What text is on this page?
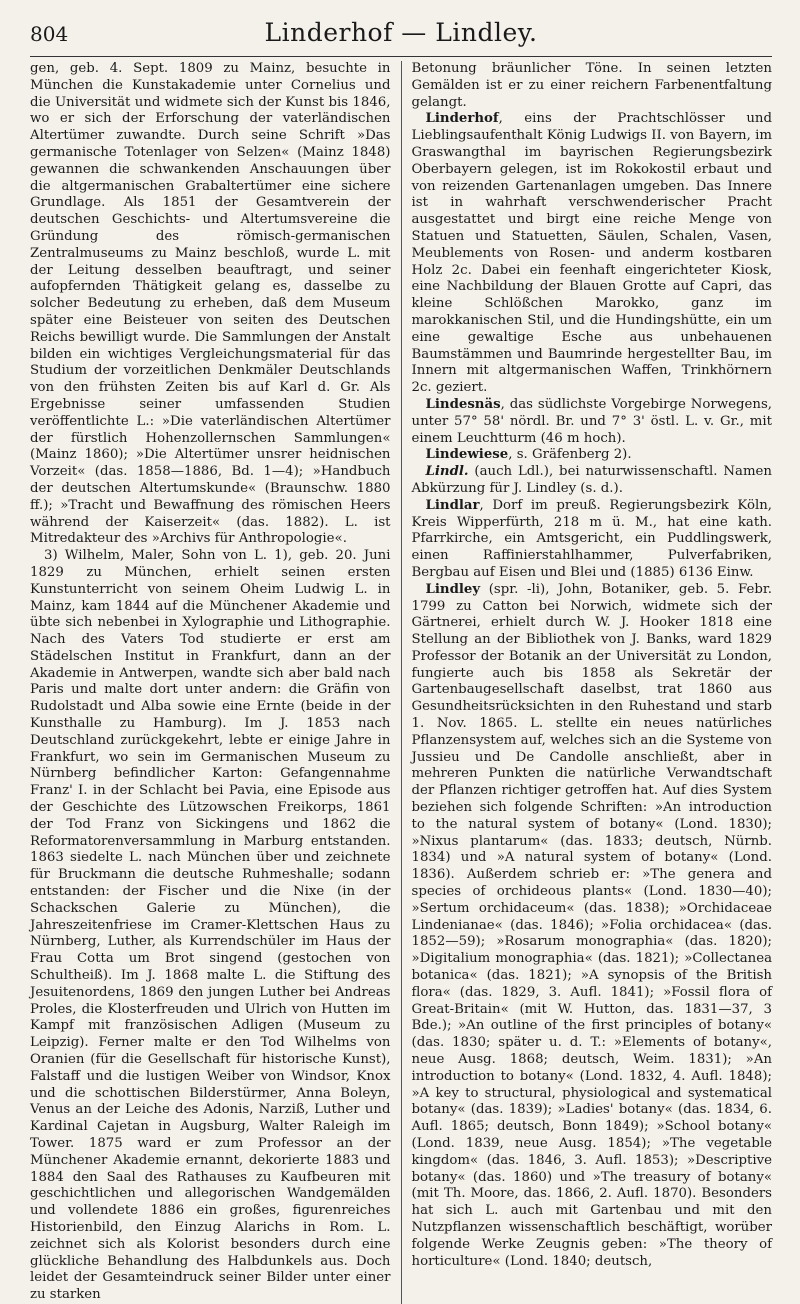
804	Linderhof — Lindley.

gen, geb. 4. Sept. 1809 zu Mainz, besuchte in München die Kunstakademie unter Cornelius und die Universität und widmete sich der Kunst bis 1846, wo er sich der Erforschung der vaterländischen Altertümer zuwandte. Durch seine Schrift »Das germanische Totenlager von Selzen« (Mainz 1848) gewannen die schwankenden Anschauungen über die altgermanischen Grabaltertümer eine sichere Grundlage. Als 1851 der Gesamtverein der deutschen Geschichts- und Altertumsvereine die Gründung des römisch-germanischen Zentralmuseums zu Mainz beschloß, wurde L. mit der Leitung desselben beauftragt, und seiner aufopfernden Thätigkeit gelang es, dasselbe zu solcher Bedeutung zu erheben, daß dem Museum später eine Beisteuer von seiten des Deutschen Reichs bewilligt wurde. Die Sammlungen der Anstalt bilden ein wichtiges Vergleichungsmaterial für das Studium der vorzeitlichen Denkmäler Deutschlands von den frühsten Zeiten bis auf Karl d. Gr. Als Ergebnisse seiner umfassenden Studien veröffentlichte L.: »Die vaterländischen Altertümer der fürstlich Hohenzollernschen Sammlungen« (Mainz 1860); »Die Altertümer unsrer heidnischen Vorzeit« (das. 1858—1886, Bd. 1—4); »Handbuch der deutschen Altertumskunde« (Braunschw. 1880 ff.); »Tracht und Bewaffnung des römischen Heers während der Kaiserzeit« (das. 1882). L. ist Mitredakteur des »Archivs für Anthropologie«.

3) Wilhelm, Maler, Sohn von L. 1), geb. 20. Juni 1829 zu München, erhielt seinen ersten Kunstunterricht von seinem Oheim Ludwig L. in Mainz, kam 1844 auf die Münchener Akademie und übte sich nebenbei in Xylographie und Lithographie. Nach des Vaters Tod studierte er erst am Städelschen Institut in Frankfurt, dann an der Akademie in Antwerpen, wandte sich aber bald nach Paris und malte dort unter andern: die Gräfin von Rudolstadt und Alba sowie eine Ernte (beide in der Kunsthalle zu Hamburg). Im J. 1853 nach Deutschland zurückgekehrt, lebte er einige Jahre in Frankfurt, wo sein im Germanischen Museum zu Nürnberg befindlicher Karton: Gefangennahme Franz' I. in der Schlacht bei Pavia, eine Episode aus der Geschichte des Lützowschen Freikorps, 1861 der Tod Franz von Sickingens und 1862 die Reformatorenversammlung in Marburg entstanden. 1863 siedelte L. nach München über und zeichnete für Bruckmann die deutsche Ruhmeshalle; sodann entstanden: der Fischer und die Nixe (in der Schackschen Galerie zu München), die Jahreszeitenfriese im Cramer-Klettschen Haus zu Nürnberg, Luther, als Kurrendschüler im Haus der Frau Cotta um Brot singend (gestochen von Schultheiß). Im J. 1868 malte L. die Stiftung des Jesuitenordens, 1869 den jungen Luther bei Andreas Proles, die Klosterfreuden und Ulrich von Hutten im Kampf mit französischen Adligen (Museum zu Leipzig). Ferner malte er den Tod Wilhelms von Oranien (für die Gesellschaft für historische Kunst), Falstaff und die lustigen Weiber von Windsor, Knox und die schottischen Bilderstürmer, Anna Boleyn, Venus an der Leiche des Adonis, Narziß, Luther und Kardinal Cajetan in Augsburg, Walter Raleigh im Tower. 1875 ward er zum Professor an der Münchener Akademie ernannt, dekorierte 1883 und 1884 den Saal des Rathauses zu Kaufbeuren mit geschichtlichen und allegorischen Wandgemälden und vollendete 1886 ein großes, figurenreiches Historienbild, den Einzug Alarichs in Rom. L. zeichnet sich als Kolorist besonders durch eine glückliche Behandlung des Halbdunkels aus. Doch leidet der Gesamteindruck seiner Bilder unter einer zu starken

Betonung bräunlicher Töne. In seinen letzten Gemälden ist er zu einer reichern Farbenentfaltung gelangt.

Linderhof, eins der Prachtschlösser und Lieblingsaufenthalt König Ludwigs II. von Bayern, im Graswangthal im bayrischen Regierungsbezirk Oberbayern gelegen, ist im Rokokostil erbaut und von reizenden Gartenanlagen umgeben. Das Innere ist in wahrhaft verschwenderischer Pracht ausgestattet und birgt eine reiche Menge von Statuen und Statuetten, Säulen, Schalen, Vasen, Meublements von Rosen- und anderm kostbaren Holz 2c. Dabei ein feenhaft eingerichteter Kiosk, eine Nachbildung der Blauen Grotte auf Capri, das kleine Schlößchen Marokko, ganz im marokkanischen Stil, und die Hundingshütte, ein um eine gewaltige Esche aus unbehauenen Baumstämmen und Baumrinde hergestellter Bau, im Innern mit altgermanischen Waffen, Trinkhörnern 2c. geziert.

Lindesnäs, das südlichste Vorgebirge Norwegens, unter 57° 58' nördl. Br. und 7° 3' östl. L. v. Gr., mit einem Leuchtturm (46 m hoch).

Lindewiese, s. Gräfenberg 2).

Lindl. (auch Ldl.), bei naturwissenschaftl. Namen Abkürzung für J. Lindley (s. d.).

Lindlar, Dorf im preuß. Regierungsbezirk Köln, Kreis Wipperfürth, 218 m ü. M., hat eine kath. Pfarrkirche, ein Amtsgericht, ein Puddlingswerk, einen Raffinierstahlhammer, Pulverfabriken, Bergbau auf Eisen und Blei und (1885) 6136 Einw.

Lindley (spr. -li), John, Botaniker, geb. 5. Febr. 1799 zu Catton bei Norwich, widmete sich der Gärtnerei, erhielt durch W. J. Hooker 1818 eine Stellung an der Bibliothek von J. Banks, ward 1829 Professor der Botanik an der Universität zu London, fungierte auch bis 1858 als Sekretär der Gartenbaugesellschaft daselbst, trat 1860 aus Gesundheitsrücksichten in den Ruhestand und starb 1. Nov. 1865. L. stellte ein neues natürliches Pflanzensystem auf, welches sich an die Systeme von Jussieu und De Candolle anschließt, aber in mehreren Punkten die natürliche Verwandtschaft der Pflanzen richtiger getroffen hat. Auf dies System beziehen sich folgende Schriften: »An introduction to the natural system of botany« (Lond. 1830); »Nixus plantarum« (das. 1833; deutsch, Nürnb. 1834) und »A natural system of botany« (Lond. 1836). Außerdem schrieb er: »The genera and species of orchideous plants« (Lond. 1830—40); »Sertum orchidaceum« (das. 1838); »Orchidaceae Lindenianae« (das. 1846); »Folia orchidacea« (das. 1852—59); »Rosarum monographia« (das. 1820); »Digitalium monographia« (das. 1821); »Collectanea botanica« (das. 1821); »A synopsis of the British flora« (das. 1829, 3. Aufl. 1841); »Fossil flora of Great-Britain« (mit W. Hutton, das. 1831—37, 3 Bde.); »An outline of the first principles of botany« (das. 1830; später u. d. T.: »Elements of botany«, neue Ausg. 1868; deutsch, Weim. 1831); »An introduction to botany« (Lond. 1832, 4. Aufl. 1848); »A key to structural, physiological and systematical botany« (das. 1839); »Ladies' botany« (das. 1834, 6. Aufl. 1865; deutsch, Bonn 1849); »School botany« (Lond. 1839, neue Ausg. 1854); »The vegetable kingdom« (das. 1846, 3. Aufl. 1853); »Descriptive botany« (das. 1860) und »The treasury of botany« (mit Th. Moore, das. 1866, 2. Aufl. 1870). Besonders hat sich L. auch mit Gartenbau und mit den Nutzpflanzen wissenschaftlich beschäftigt, worüber folgende Werke Zeugnis geben: »The theory of horticulture« (Lond. 1840; deutsch,
